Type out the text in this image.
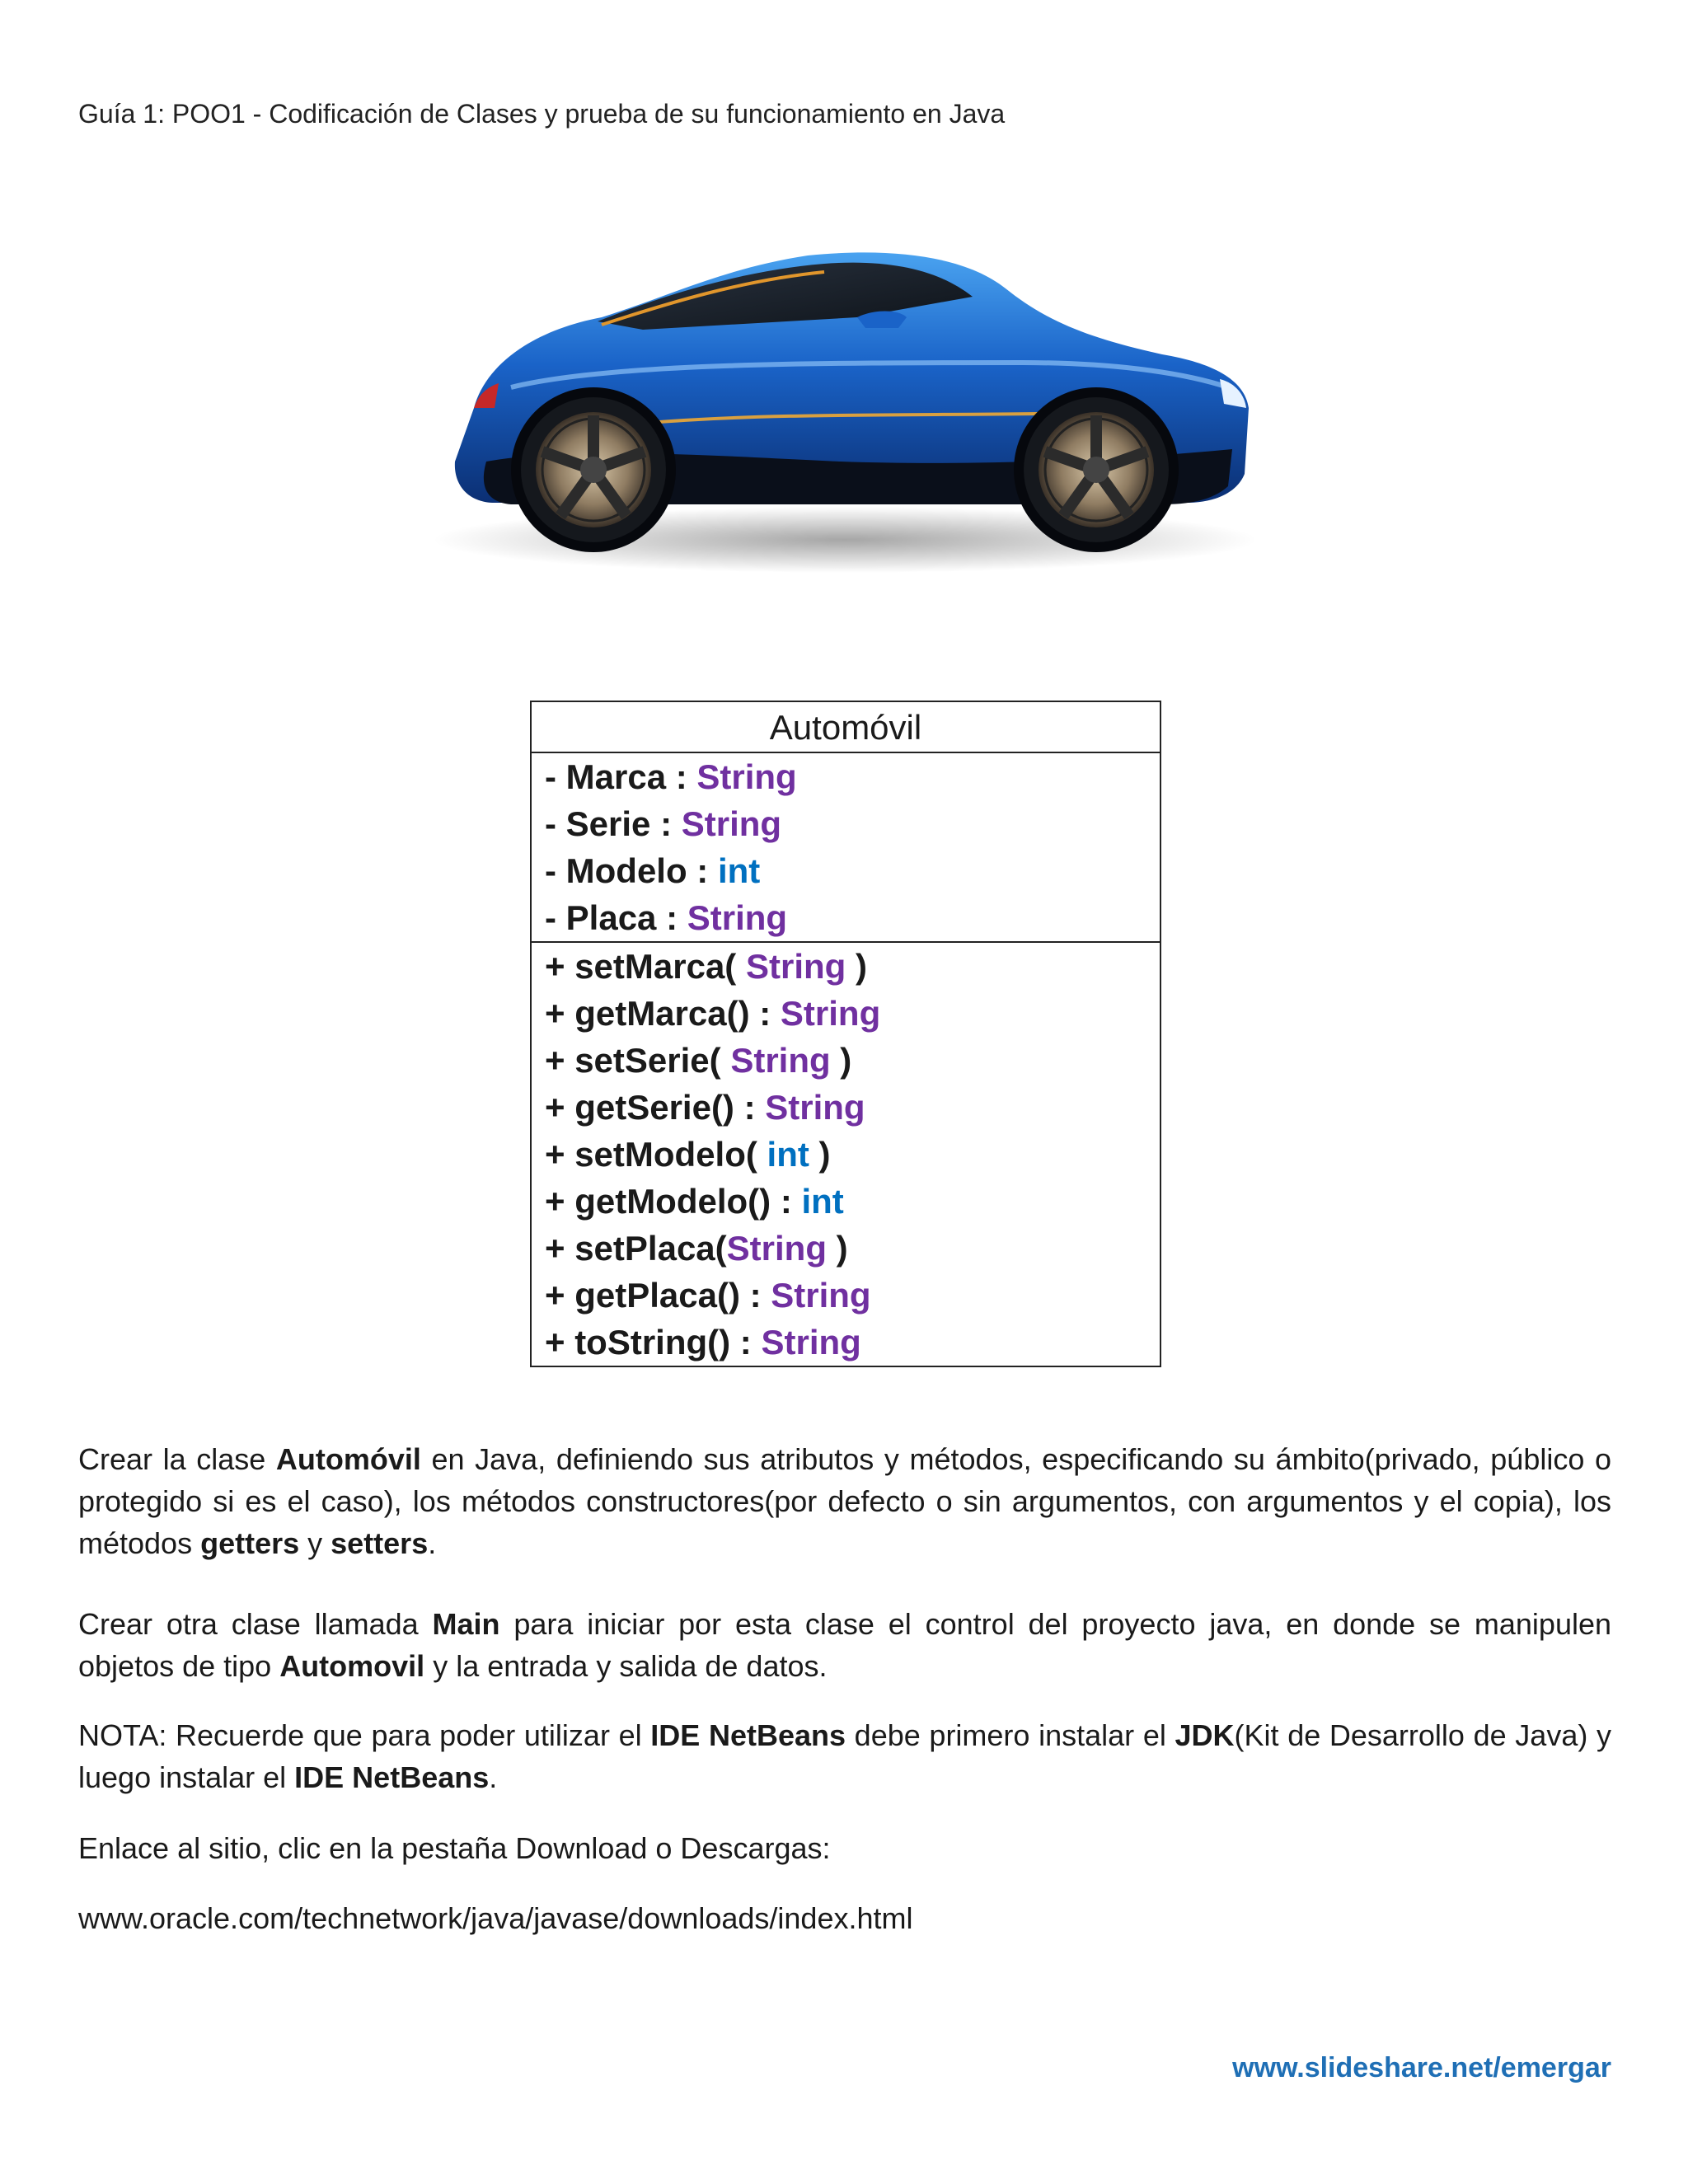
Guía 1: POO1 - Codificación de Clases y prueba de su funcionamiento en Java
Automóvil
- Marca : String
- Serie : String
- Modelo : int
- Placa : String
+ setMarca( String )
+ getMarca() : String
+ setSerie( String )
+ getSerie() : String
+ setModelo( int )
+ getModelo() : int
+ setPlaca(String )
+ getPlaca() : String
+ toString() : String
Crear la clase Automóvil en Java, definiendo sus atributos y métodos, especificando su ámbito(privado, público o protegido si es el caso), los métodos constructores(por defecto o sin argumentos, con argumentos y el copia), los métodos getters y setters.
Crear otra clase llamada Main para iniciar por esta clase el control del proyecto java, en donde se manipulen objetos de tipo Automovil y la entrada y salida de datos.
NOTA: Recuerde que para poder utilizar el IDE NetBeans debe primero instalar el JDK(Kit de Desarrollo de Java) y luego instalar el IDE NetBeans.
Enlace al sitio, clic en la pestaña Download o Descargas:
www.oracle.com/technetwork/java/javase/downloads/index.html
www.slideshare.net/emergar
